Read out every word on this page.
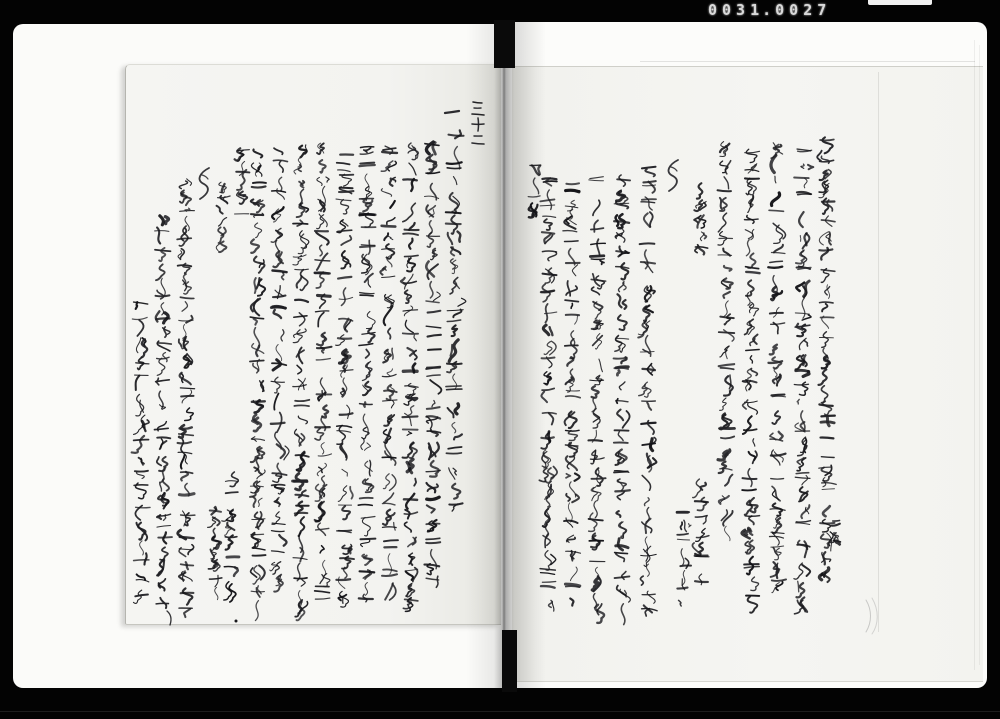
0031. 0027
